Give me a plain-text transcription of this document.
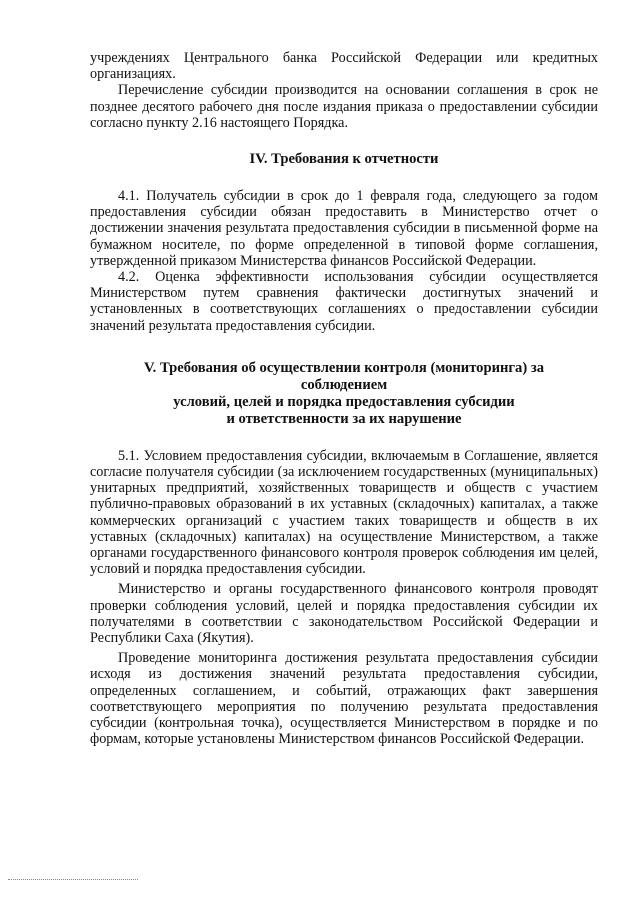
учреждениях Центрального банка Российской Федерации или кредитных организациях.

Перечисление субсидии производится на основании соглашения в срок не позднее десятого рабочего дня после издания приказа о предоставлении субсидии согласно пункту 2.16 настоящего Порядка.

IV. Требования к отчетности

4.1. Получатель субсидии в срок до 1 февраля года, следующего за годом предоставления субсидии обязан предоставить в Министерство отчет о достижении значения результата предоставления субсидии в письменной форме на бумажном носителе, по форме определенной в типовой форме соглашения, утвержденной приказом Министерства финансов Российской Федерации.

4.2. Оценка эффективности использования субсидии осуществляется Министерством путем сравнения фактически достигнутых значений и установленных в соответствующих соглашениях о предоставлении субсидии значений результата предоставления субсидии.

V. Требования об осуществлении контроля (мониторинга) за

соблюдением

условий, целей и порядка предоставления субсидии

и ответственности за их нарушение

5.1. Условием предоставления субсидии, включаемым в Соглашение, является согласие получателя субсидии (за исключением государственных (муниципальных) унитарных предприятий, хозяйственных товариществ и обществ с участием публично-правовых образований в их уставных (складочных) капиталах, а также коммерческих организаций с участием таких товариществ и обществ в их уставных (складочных) капиталах) на осуществление Министерством, а также органами государственного финансового контроля проверок соблюдения им целей, условий и порядка предоставления субсидии.

Министерство и органы государственного финансового контроля проводят проверки соблюдения условий, целей и порядка предоставления субсидии их получателями в соответствии с законодательством Российской Федерации и Республики Саха (Якутия).

Проведение мониторинга достижения результата предоставления субсидии исходя из достижения значений результата предоставления субсидии, определенных соглашением, и событий, отражающих факт завершения соответствующего мероприятия по получению результата предоставления субсидии (контрольная точка), осуществляется Министерством в порядке и по формам, которые установлены Министерством финансов Российской Федерации.
